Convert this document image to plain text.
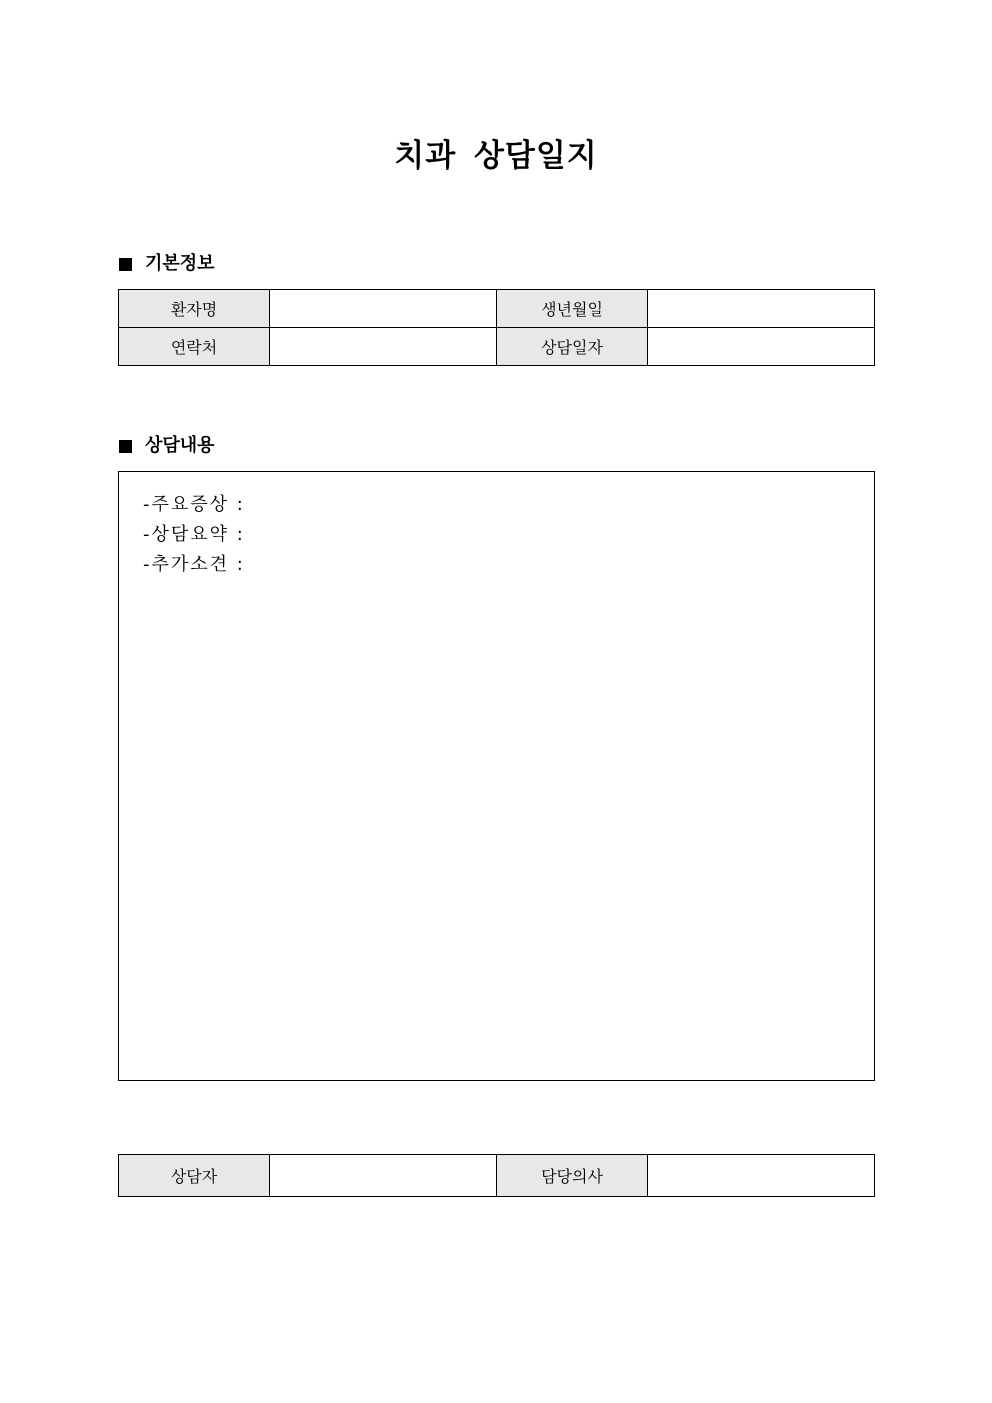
치과 상담일지
기본정보
환자명		생년월일	
연락처		상담일자	
상담내용
-주요증상 :
-상담요약 :
-추가소견 :
상담자		담당의사	
